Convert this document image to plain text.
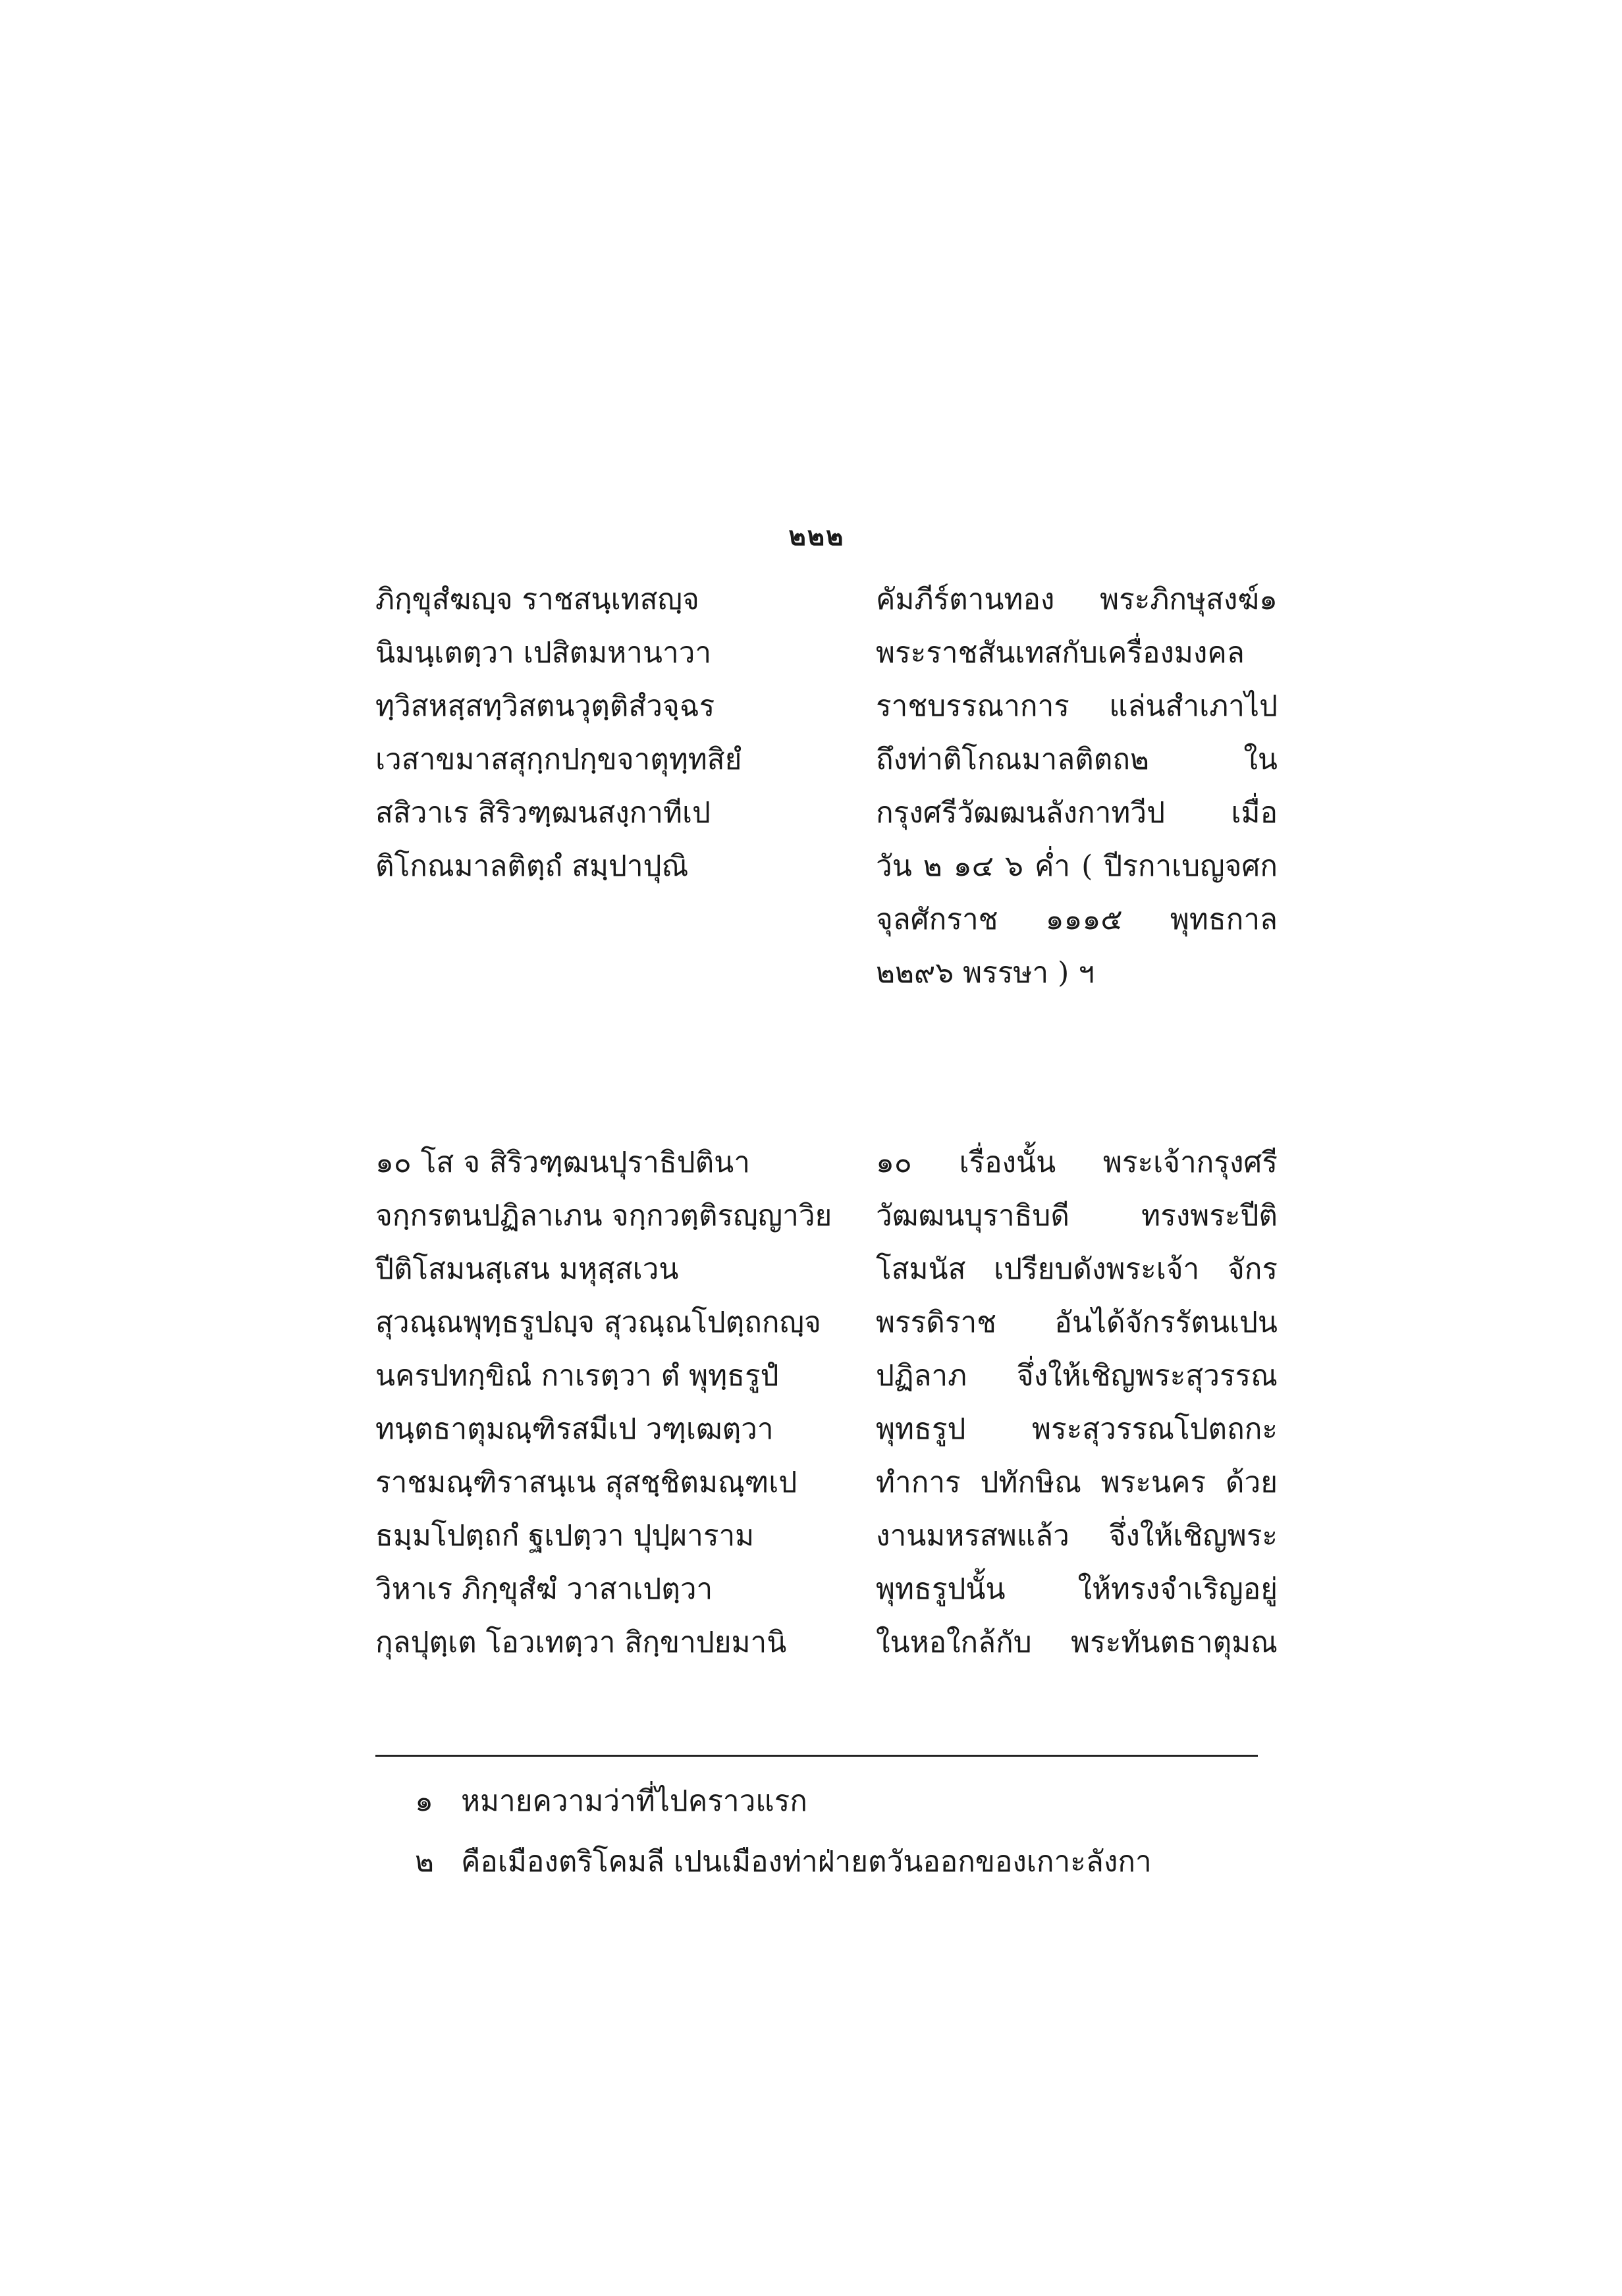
๒๒๒
ภิกฺขุสํฆญฺจ ราชสนฺเทสญฺจ
นิมนฺเตตฺวา เปสิตมหานาวา
ทฺวิสหสฺสทฺวิสตนวุตฺติสํวจฺฉร
เวสาขมาสสุกฺกปกฺขจาตุทฺทสิยํ
สสิวาเร สิริวฑฺฒนสงฺกาทีเป
ติโกณมาลติตฺถํ สมฺปาปุณิ
คัมภีร์ตานทอง พระภิกษุสงฆ์๑
พระราชสันเทสกับเครื่องมงคล
ราชบรรณาการ แล่นสำเภาไป
ถึงท่าติโกณมาลติตถ๒ ใน
กรุงศรีวัฒฒนลังกาทวีป เมื่อ
วัน ๒ ๑๔ ๖ ค่ำ ( ปีรกาเบญจศก
จุลศักราช ๑๑๑๕ พุทธกาล
๒๒๙๖ พรรษา ) ฯ
๑๐ โส จ สิริวฑฺฒนปุราธิปตินา
จกฺกรตนปฏิลาเภน จกฺกวตฺติรญฺญาวิย
ปีติโสมนสฺเสน มหุสฺสเวน
สุวณฺณพุทฺธรูปญฺจ สุวณฺณโปตฺถกญฺจ
นครปทกฺขิณํ กาเรตฺวา ตํ พุทฺธรูปํ
ทนฺตธาตุมณฺฑิรสมีเป วฑฺเฒตฺวา
ราชมณฺฑิราสนฺเน สุสชฺชิตมณฺฑเป
ธมฺมโปตฺถกํ ฐเปตฺวา ปุปฺผาราม
วิหาเร ภิกฺขุสํฆํ วาสาเปตฺวา
กุลปุตฺเต โอวเทตฺวา สิกฺขาปยมานิ
๑๐ เรื่องนั้น พระเจ้ากรุงศรี
วัฒฒนบุราธิบดี ทรงพระปีติ
โสมนัส เปรียบดังพระเจ้า จักร
พรรดิราช อันได้จักรรัตนเปน
ปฏิลาภ จึ่งให้เชิญพระสุวรรณ
พุทธรูป พระสุวรรณโปตถกะ
ทำการ ปทักษิณ พระนคร ด้วย
งานมหรสพแล้ว จึ่งให้เชิญพระ
พุทธรูปนั้น ให้ทรงจำเริญอยู่
ในหอใกล้กับ พระทันตธาตุมณ
๑ หมายความว่าที่ไปคราวแรก
๒ คือเมืองตริโคมลี เปนเมืองท่าฝ่ายตวันออกของเกาะลังกา
